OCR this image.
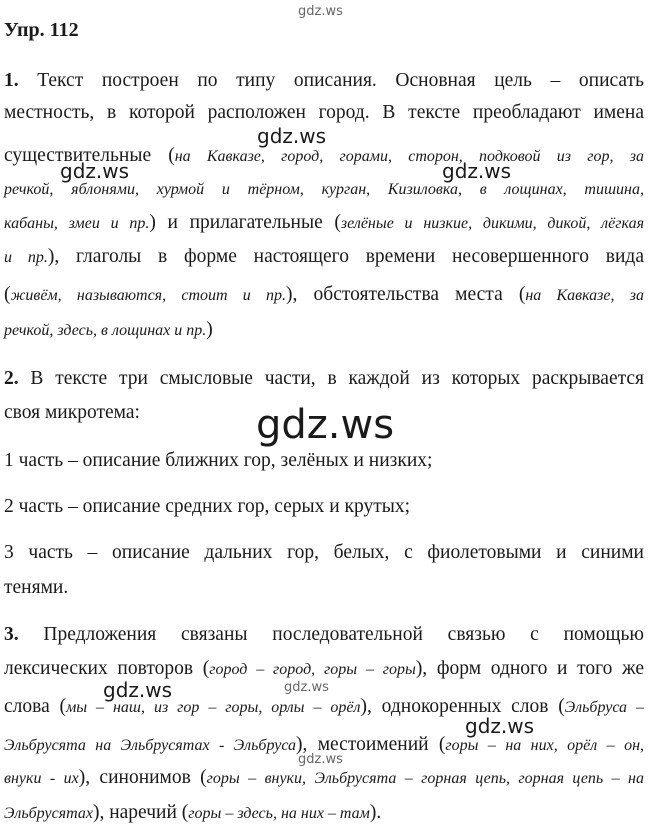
gdz.ws
Упр. 112
1. Текст построен по типу описания. Основная цель – описать
местность, в которой расположен город. В тексте преобладают имена
gdz.ws
существительные (на Кавказе, город, горами, сторон, подковой из гор, за
gdz.ws	gdz.ws
речкой, яблонями, хурмой и тёрном, курган, Кизиловка, в лощинах, тишина,
кабаны, змеи и пр.) и прилагательные (зелёные и низкие, дикими, дикой, лёгкая
и пр.), глаголы в форме настоящего времени несовершенного вида
(живём, называются, стоит и пр.), обстоятельства места (на Кавказе, за
речкой, здесь, в лощинах и пр.)
2. В тексте три смысловые части, в каждой из которых раскрывается
своя микротема:	gdz.ws
1 часть – описание ближних гор, зелёных и низких;
2 часть – описание средних гор, серых и крутых;
3 часть – описание дальних гор, белых, с фиолетовыми и синими
тенями.
3. Предложения связаны последовательной связью с помощью
лексических повторов (город – город, горы – горы), форм одного и того же
gdz.ws	gdz.ws
слова (мы – наш, из гор – горы, орлы – орёл), однокоренных слов (Эльбруса –
gdz.ws
Эльбрусята на Эльбрусятах - Эльбруса), местоимений (горы – на них, орёл – он,
gdz.ws
внуки - их), синонимов (горы – внуки, Эльбрусята – горная цепь, горная цепь – на
Эльбрусятах), наречий (горы – здесь, на них – там).
